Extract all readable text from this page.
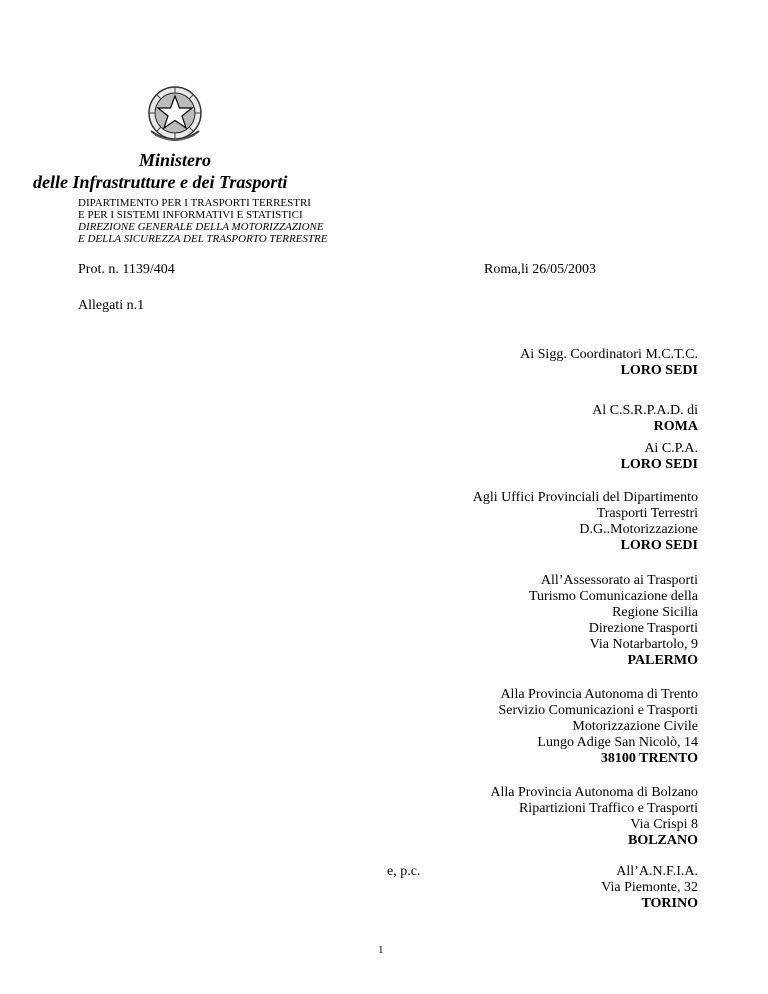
Ministero
delle Infrastrutture e dei Trasporti
DIPARTIMENTO PER I TRASPORTI TERRESTRI
E PER I SISTEMI INFORMATIVI E STATISTICI
DIREZIONE GENERALE DELLA MOTORIZZAZIONE
E DELLA SICUREZZA DEL TRASPORTO TERRESTRE
Prot. n. 1139/404	Roma,li 26/05/2003
Allegati n.1
Ai Sigg. Coordinatori M.C.T.C.
LORO SEDI
Al C.S.R.P.A.D. di
ROMA
Ai C.P.A.
LORO SEDI
Agli Uffici Provinciali del Dipartimento
Trasporti Terrestri
D.G..Motorizzazione
LORO SEDI
All’Assessorato ai Trasporti
Turismo Comunicazione della
Regione Sicilia
Direzione Trasporti
Via Notarbartolo, 9
PALERMO
Alla Provincia Autonoma di Trento
Servizio Comunicazioni e Trasporti
Motorizzazione Civile
Lungo Adige San Nicolò, 14
38100 TRENTO
Alla Provincia Autonoma di Bolzano
Ripartizioni Traffico e Trasporti
Via Crispi 8
BOLZANO
e, p.c.	All’A.N.F.I.A.
Via Piemonte, 32
TORINO
1
